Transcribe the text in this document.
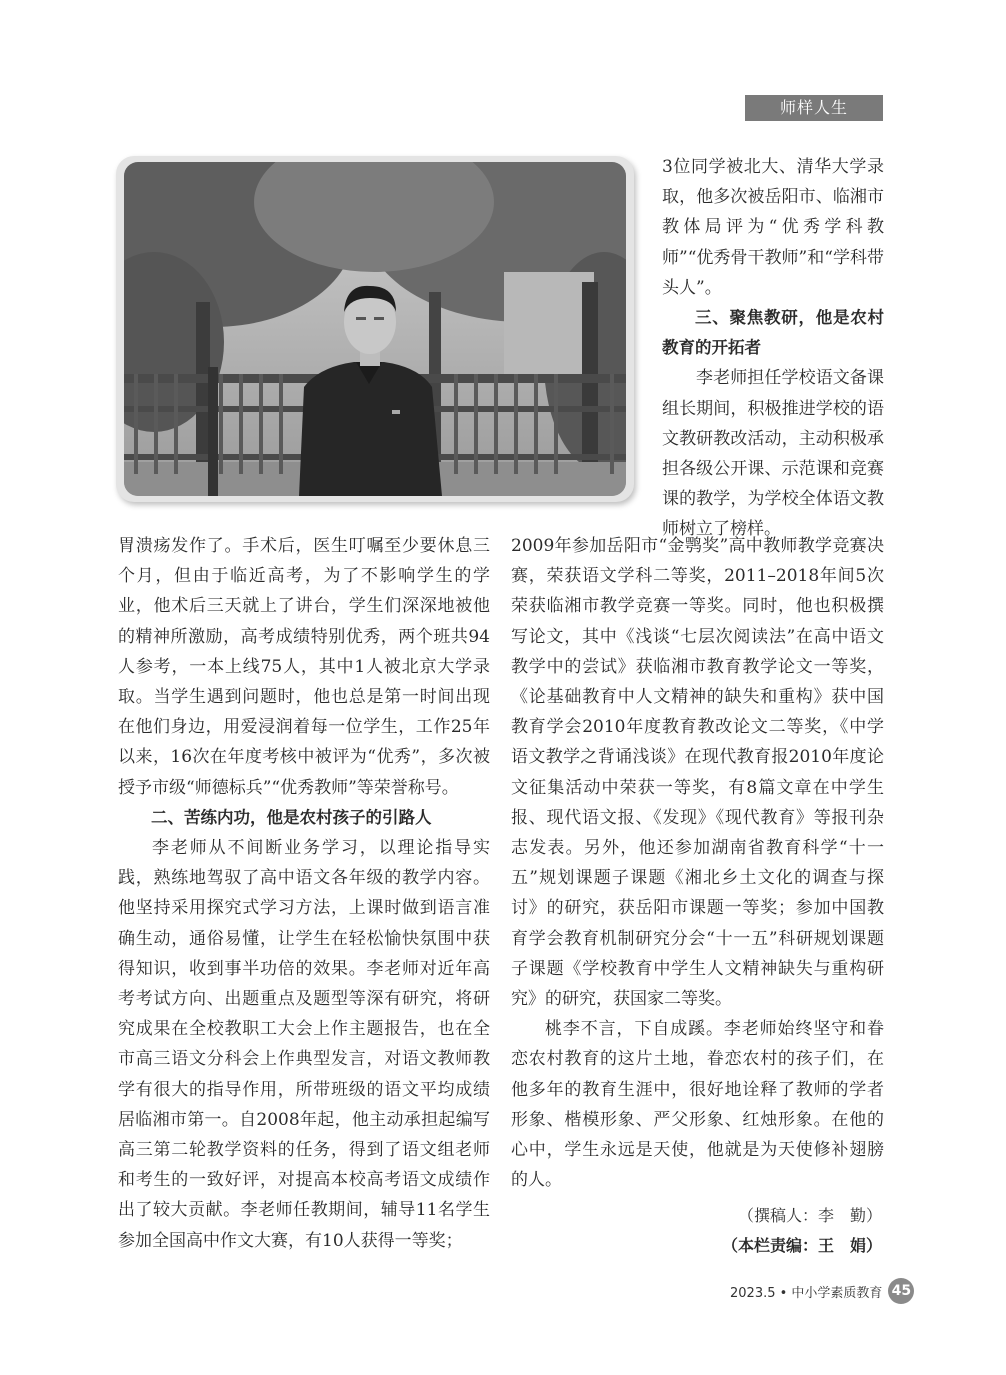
师样人生

3位同学被北大、清华大学录取，他多次被岳阳市、临湘市教体局评为“优秀学科教师”“优秀骨干教师”和“学科带头人”。

三、聚焦教研，他是农村教育的开拓者

李老师担任学校语文备课组长期间，积极推进学校的语文教研教改活动，主动积极承担各级公开课、示范课和竞赛课的教学，为学校全体语文教师树立了榜样。

胃溃疡发作了。手术后，医生叮嘱至少要休息三个月，但由于临近高考，为了不影响学生的学业，他术后三天就上了讲台，学生们深深地被他的精神所激励，高考成绩特别优秀，两个班共94人参考，一本上线75人，其中1人被北京大学录取。当学生遇到问题时，他也总是第一时间出现在他们身边，用爱浸润着每一位学生，工作25年以来，16次在年度考核中被评为“优秀”，多次被授予市级“师德标兵”“优秀教师”等荣誉称号。

二、苦练内功，他是农村孩子的引路人

李老师从不间断业务学习，以理论指导实践，熟练地驾驭了高中语文各年级的教学内容。他坚持采用探究式学习方法，上课时做到语言准确生动，通俗易懂，让学生在轻松愉快氛围中获得知识，收到事半功倍的效果。李老师对近年高考考试方向、出题重点及题型等深有研究，将研究成果在全校教职工大会上作主题报告，也在全市高三语文分科会上作典型发言，对语文教师教学有很大的指导作用，所带班级的语文平均成绩居临湘市第一。自2008年起，他主动承担起编写高三第二轮教学资料的任务，得到了语文组老师和考生的一致好评，对提高本校高考语文成绩作出了较大贡献。李老师任教期间，辅导11名学生参加全国高中作文大赛，有10人获得一等奖；

2009年参加岳阳市“金鹗奖”高中教师教学竞赛决赛，荣获语文学科二等奖，2011–2018年间5次荣获临湘市教学竞赛一等奖。同时，他也积极撰写论文，其中《浅谈“七层次阅读法”在高中语文教学中的尝试》获临湘市教育教学论文一等奖，《论基础教育中人文精神的缺失和重构》获中国教育学会2010年度教育教改论文二等奖，《中学语文教学之背诵浅谈》在现代教育报2010年度论文征集活动中荣获一等奖，有8篇文章在中学生报、现代语文报、《发现》《现代教育》等报刊杂志发表。另外，他还参加湖南省教育科学“十一五”规划课题子课题《湘北乡土文化的调查与探讨》的研究，获岳阳市课题一等奖；参加中国教育学会教育机制研究分会“十一五”科研规划课题子课题《学校教育中学生人文精神缺失与重构研究》的研究，获国家二等奖。

桃李不言，下自成蹊。李老师始终坚守和眷恋农村教育的这片土地，眷恋农村的孩子们，在他多年的教育生涯中，很好地诠释了教师的学者形象、楷模形象、严父形象、红烛形象。在他的心中，学生永远是天使，他就是为天使修补翅膀的人。

（撰稿人：李　勤）
（本栏责编：王　娟）
2023.5 • 中小学素质教育 45
